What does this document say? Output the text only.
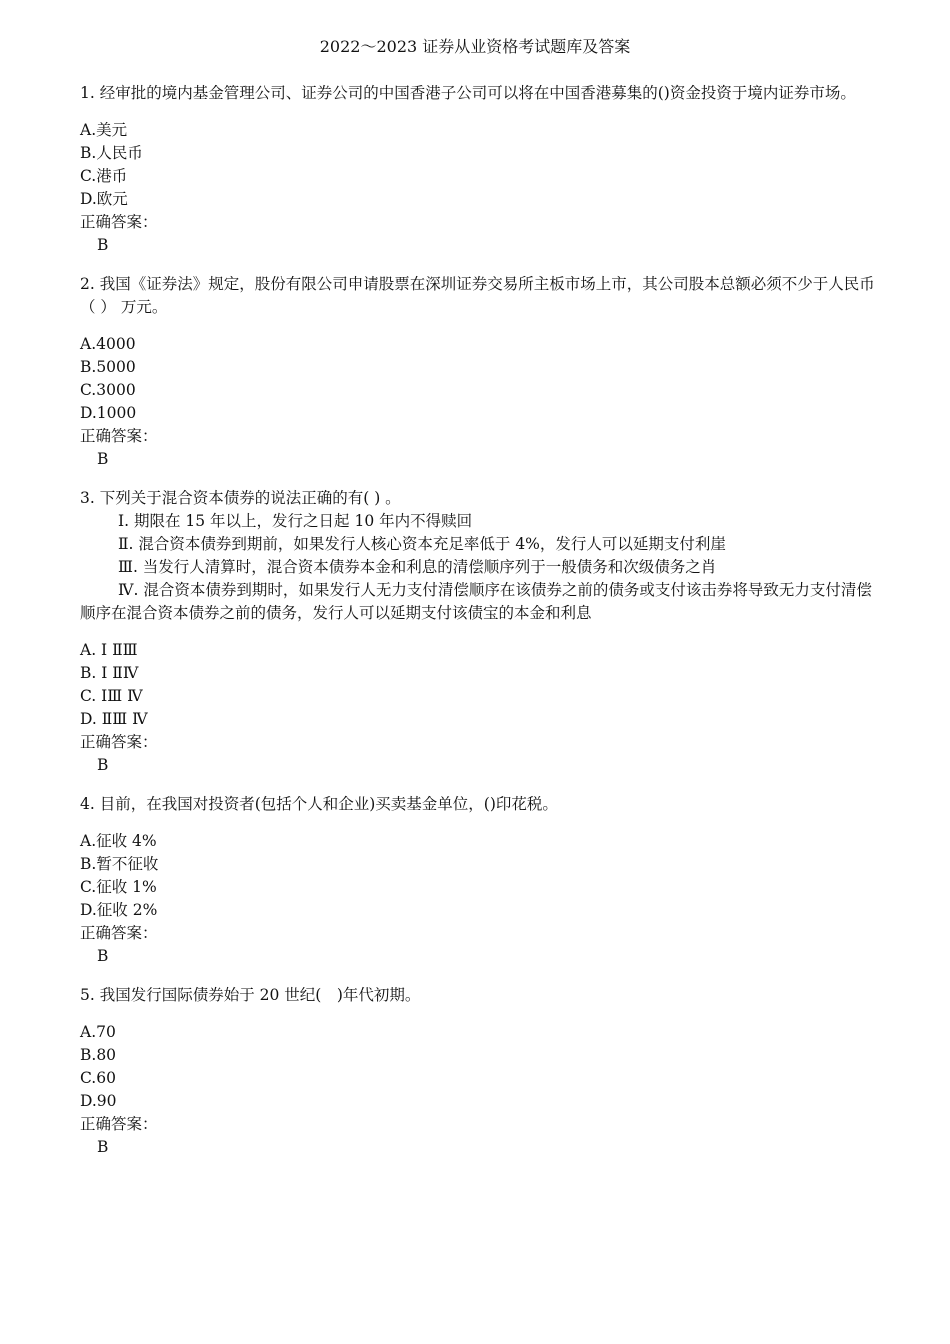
2022～2023 证券从业资格考试题库及答案
1. 经审批的境内基金管理公司、证券公司的中国香港子公司可以将在中国香港募集的()资金投资于境内证券市场。
A.美元
B.人民币
C.港币
D.欧元
正确答案：
B
2. 我国《证券法》规定，股份有限公司申请股票在深圳证券交易所主板市场上市，其公司股本总额必须不少于人民币 （ ） 万元。
A.4000
B.5000
C.3000
D.1000
正确答案：
B
3. 下列关于混合资本债券的说法正确的有( ) 。
Ⅰ. 期限在 15 年以上，发行之日起 10 年内不得赎回
Ⅱ. 混合资本债券到期前，如果发行人核心资本充足率低于 4%，发行人可以延期支付利崖
Ⅲ. 当发行人清算时，混合资本债券本金和利息的清偿顺序列于一般债务和次级债务之肖
Ⅳ. 混合资本债券到期时，如果发行人无力支付清偿顺序在该债券之前的债务或支付该击券将导致无力支付清偿顺序在混合资本债券之前的债务，发行人可以延期支付该债宝的本金和利息
A. Ⅰ ⅡⅢ
B. Ⅰ ⅡⅣ
C. ⅠⅢ Ⅳ
D. ⅡⅢ Ⅳ
正确答案：
B
4. 目前，在我国对投资者(包括个人和企业)买卖基金单位，()印花税。
A.征收 4%
B.暂不征收
C.征收 1%
D.征收 2%
正确答案：
B
5. 我国发行国际债券始于 20 世纪(　)年代初期。
A.70
B.80
C.60
D.90
正确答案：
B
